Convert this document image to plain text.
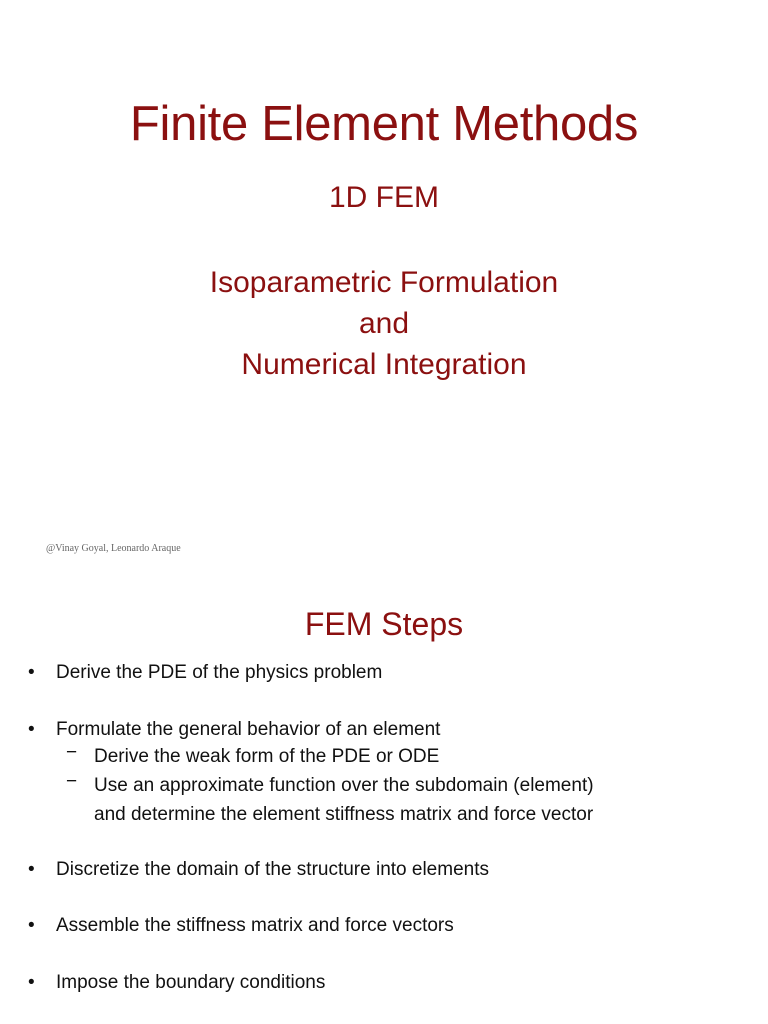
Finite Element Methods
1D FEM
Isoparametric Formulation
and
Numerical Integration
@Vinay Goyal, Leonardo Araque
FEM Steps
• Derive the PDE of the physics problem
• Formulate the general behavior of an element
− Derive the weak form of the PDE or ODE
− Use an approximate function over the subdomain (element)
and determine the element stiffness matrix and force vector
• Discretize the domain of the structure into elements
• Assemble the stiffness matrix and force vectors
• Impose the boundary conditions
